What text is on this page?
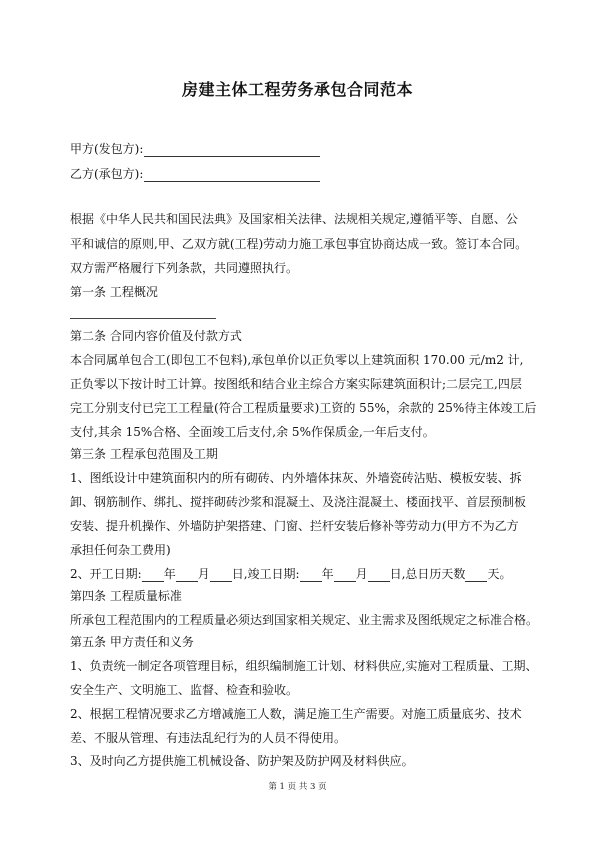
房建主体工程劳务承包合同范本
甲方(发包方):
乙方(承包方):
根据《中华人民共和国民法典》及国家相关法律、法规相关规定,遵循平等、自愿、公
平和诚信的原则,甲、乙双方就(工程)劳动力施工承包事宜协商达成一致。签订本合同。
双方需严格履行下列条款，共同遵照执行。
第一条 工程概况
第二条 合同内容价值及付款方式
本合同属单包合工(即包工不包料),承包单价以正负零以上建筑面积 170.00 元/m2 计,
正负零以下按计时工计算。按图纸和结合业主综合方案实际建筑面积计;二层完工,四层
完工分别支付已完工工程量(符合工程质量要求)工资的 55%，余款的 25%待主体竣工后
支付,其余 15%合格、全面竣工后支付,余 5%作保质金,一年后支付。
第三条 工程承包范围及工期
1、图纸设计中建筑面积内的所有砌砖、内外墙体抹灰、外墙瓷砖沾贴、模板安装、拆
卸、钢筋制作、绑扎、搅拌砌砖沙浆和混凝土、及浇注混凝土、楼面找平、首层预制板
安装、提升机操作、外墙防护架搭建、门窗、拦杆安装后修补等劳动力(甲方不为乙方
承担任何杂工费用)
2、开工日期: 年 月 日,竣工日期: 年 月 日,总日历天数 天。
第四条 工程质量标准
所承包工程范围内的工程质量必须达到国家相关规定、业主需求及图纸规定之标准合格。
第五条 甲方责任和义务
1、负责统一制定各项管理目标，组织编制施工计划、材料供应,实施对工程质量、工期、
安全生产、文明施工、监督、检查和验收。
2、根据工程情况要求乙方增减施工人数，满足施工生产需要。对施工质量底劣、技术
差、不服从管理、有违法乱纪行为的人员不得使用。
3、及时向乙方提供施工机械设备、防护架及防护网及材料供应。
第 1 页 共 3 页
